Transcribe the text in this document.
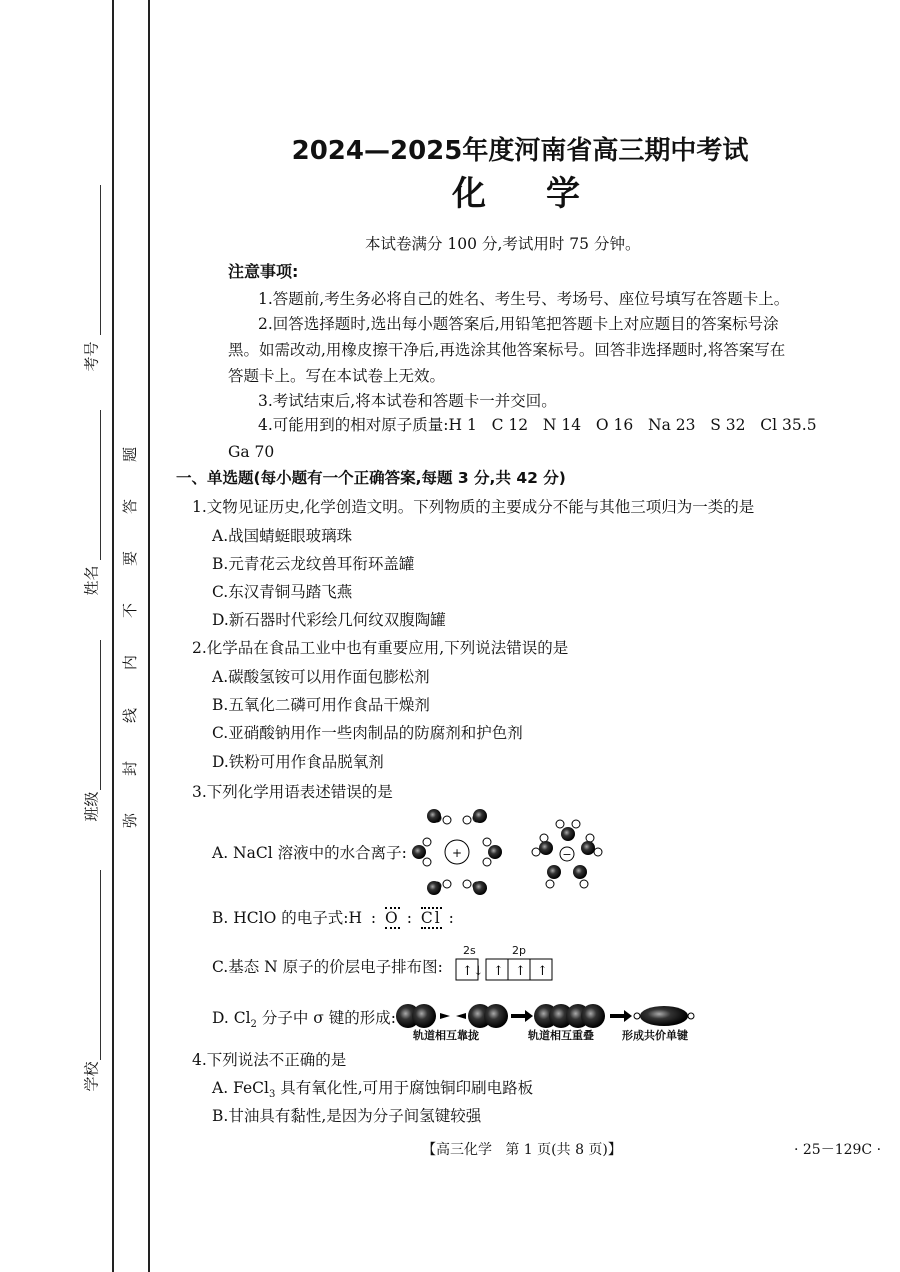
考号
姓名
班级
学校
弥
封
线
内
不
要
答
题
2024—2025年度河南省高三期中考试
化学
本试卷满分 100 分,考试用时 75 分钟。
注意事项:
1.答题前,考生务必将自己的姓名、考生号、考场号、座位号填写在答题卡上。
2.回答选择题时,选出每小题答案后,用铅笔把答题卡上对应题目的答案标号涂
黑。如需改动,用橡皮擦干净后,再选涂其他答案标号。回答非选择题时,将答案写在
答题卡上。写在本试卷上无效。
3.考试结束后,将本试卷和答题卡一并交回。
4.可能用到的相对原子质量:H 1   C 12   N 14   O 16   Na 23   S 32   Cl 35.5
Ga 70
一、单选题(每小题有一个正确答案,每题 3 分,共 42 分)
1.文物见证历史,化学创造文明。下列物质的主要成分不能与其他三项归为一类的是
A.战国蜻蜓眼玻璃珠
B.元青花云龙纹兽耳衔环盖罐
C.东汉青铜马踏飞燕
D.新石器时代彩绘几何纹双腹陶罐
2.化学品在食品工业中也有重要应用,下列说法错误的是
A.碳酸氢铵可以用作面包膨松剂
B.五氧化二磷可用作食品干燥剂
C.亚硝酸钠用作一些肉制品的防腐剂和护色剂
D.铁粉可用作食品脱氧剂
3.下列化学用语表述错误的是
A. NaCl 溶液中的水合离子:	+	−
B. HClO 的电子式:H : O : Cl :
C.基态 N 原子的价层电子排布图:
2s	2p
↑↓ ↑ ↑ ↑
D. $Cl_2$ 分子中 σ 键的形成:
轨道相互靠拢	轨道相互重叠	形成共价单键
4.下列说法不正确的是
A. FeCl$_3$ 具有氧化性,可用于腐蚀铜印刷电路板
B.甘油具有黏性,是因为分子间氢键较强
【高三化学   第 1 页(共 8 页)】	· 25－129C ·
